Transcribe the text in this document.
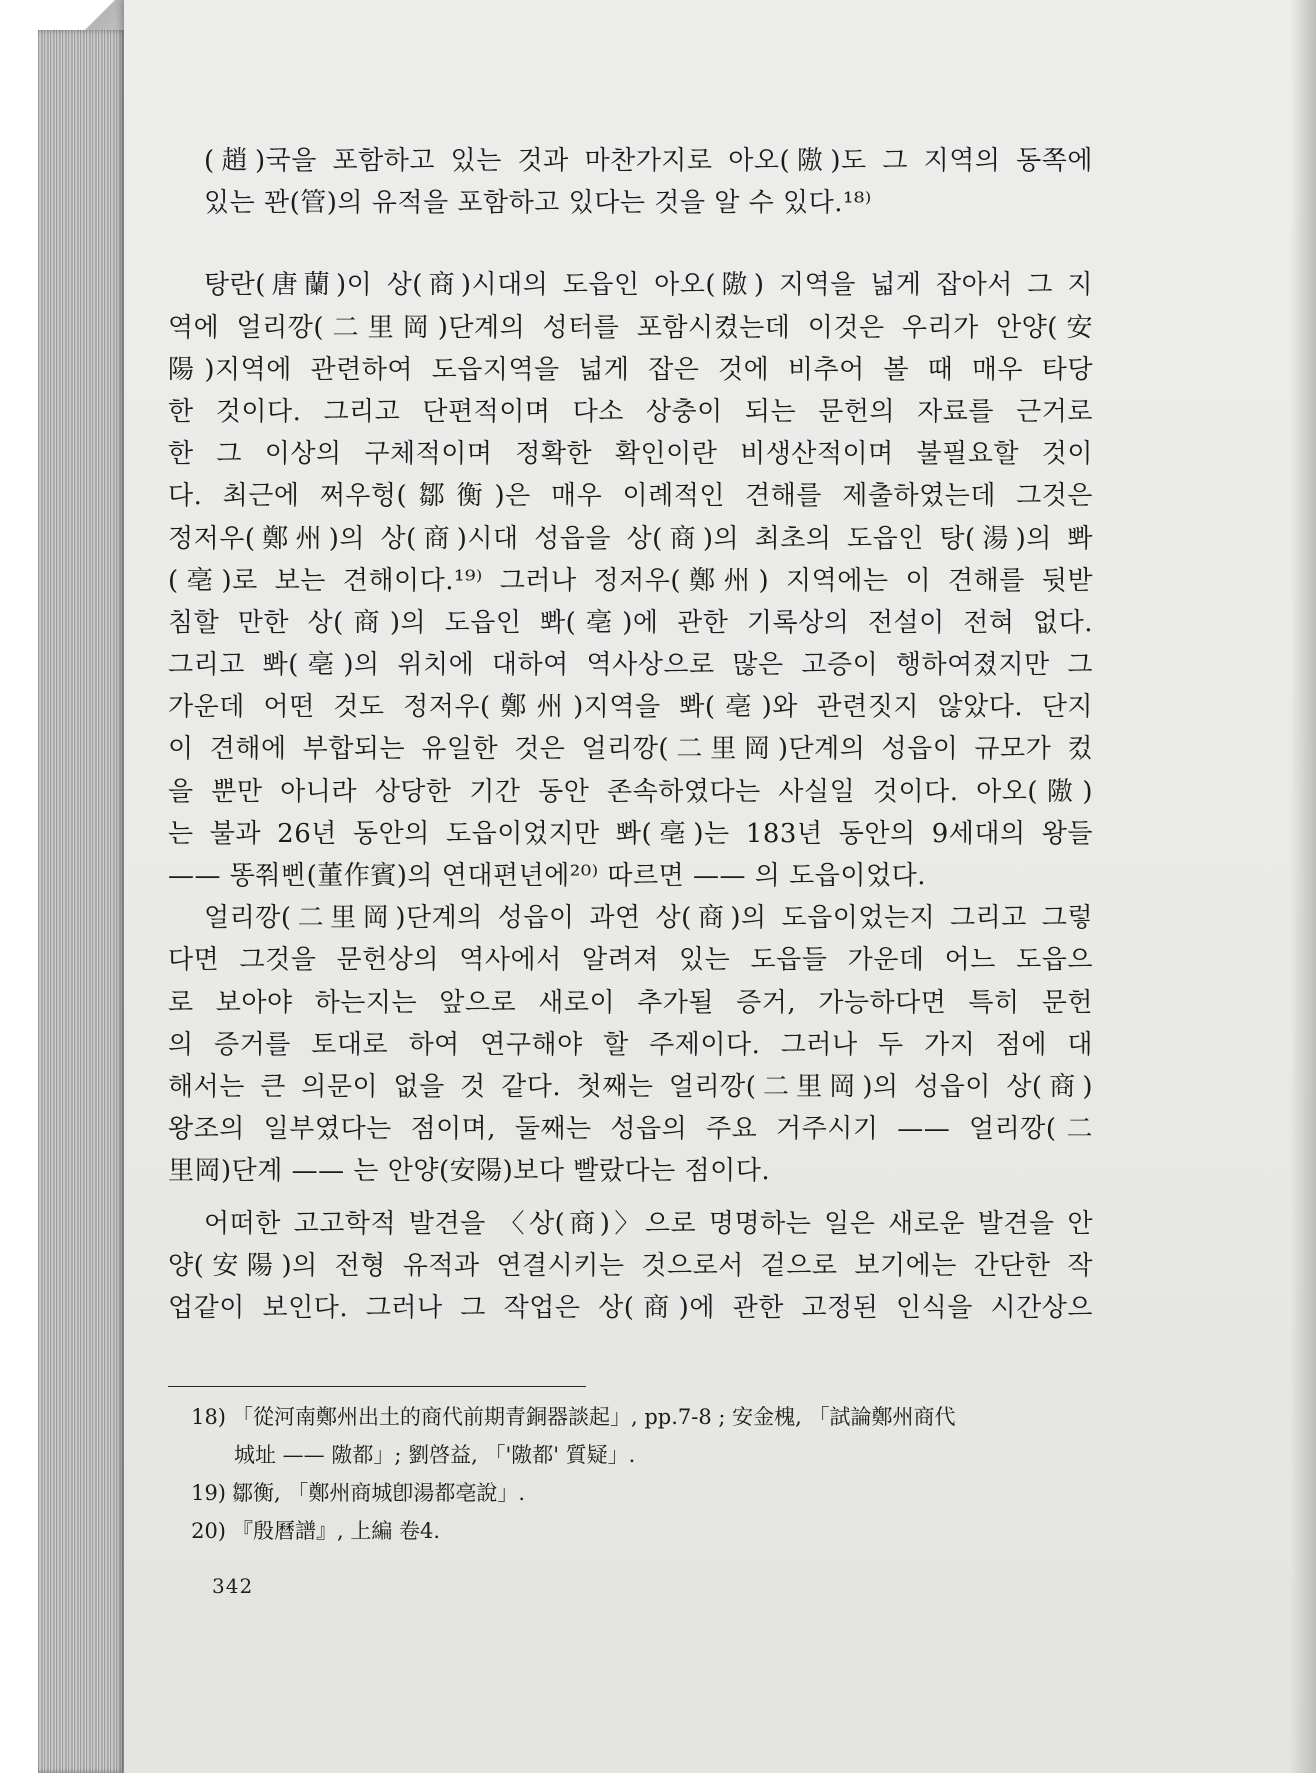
(趙)국을 포함하고 있는 것과 마찬가지로 아오(隞)도 그 지역의 동쪽에
있는 꽌(管)의 유적을 포함하고 있다는 것을 알 수 있다.¹⁸⁾
탕란(唐蘭)이 상(商)시대의 도읍인 아오(隞) 지역을 넓게 잡아서 그 지
역에 얼리깡(二里岡)단계의 성터를 포함시켰는데 이것은 우리가 안양(安
陽)지역에 관련하여 도읍지역을 넓게 잡은 것에 비추어 볼 때 매우 타당
한 것이다. 그리고 단편적이며 다소 상충이 되는 문헌의 자료를 근거로
한 그 이상의 구체적이며 정확한 확인이란 비생산적이며 불필요할 것이
다. 최근에 쩌우헝(鄒衡)은 매우 이례적인 견해를 제출하였는데 그것은
정저우(鄭州)의 상(商)시대 성읍을 상(商)의 최초의 도읍인 탕(湯)의 뽜
(亳)로 보는 견해이다.¹⁹⁾ 그러나 정저우(鄭州) 지역에는 이 견해를 뒷받
침할 만한 상(商)의 도읍인 뽜(亳)에 관한 기록상의 전설이 전혀 없다.
그리고 뽜(亳)의 위치에 대하여 역사상으로 많은 고증이 행하여졌지만 그
가운데 어떤 것도 정저우(鄭州)지역을 뽜(亳)와 관련짓지 않았다. 단지
이 견해에 부합되는 유일한 것은 얼리깡(二里岡)단계의 성읍이 규모가 컸
을 뿐만 아니라 상당한 기간 동안 존속하였다는 사실일 것이다. 아오(隞)
는 불과 26년 동안의 도읍이었지만 뽜(亳)는 183년 동안의 9세대의 왕들
—— 똥쭤삔(董作賓)의 연대편년에²⁰⁾ 따르면 —— 의 도읍이었다.
얼리깡(二里岡)단계의 성읍이 과연 상(商)의 도읍이었는지 그리고 그렇
다면 그것을 문헌상의 역사에서 알려져 있는 도읍들 가운데 어느 도읍으
로 보아야 하는지는 앞으로 새로이 추가될 증거, 가능하다면 특히 문헌
의 증거를 토대로 하여 연구해야 할 주제이다. 그러나 두 가지 점에 대
해서는 큰 의문이 없을 것 같다. 첫째는 얼리깡(二里岡)의 성읍이 상(商)
왕조의 일부였다는 점이며, 둘째는 성읍의 주요 거주시기 —— 얼리깡(二
里岡)단계 —— 는 안양(安陽)보다 빨랐다는 점이다.
어떠한 고고학적 발견을 〈상(商)〉으로 명명하는 일은 새로운 발견을 안
양(安陽)의 전형 유적과 연결시키는 것으로서 겉으로 보기에는 간단한 작
업같이 보인다. 그러나 그 작업은 상(商)에 관한 고정된 인식을 시간상으
18) 「從河南鄭州出土的商代前期青銅器談起」, pp.7-8 ; 安金槐, 「試論鄭州商代
城址 —— 隞都」; 劉啓益, 「'隞都' 質疑」.
19) 鄒衡, 「鄭州商城卽湯都亳說」.
20) 『殷曆譜』, 上編 卷4.
342
